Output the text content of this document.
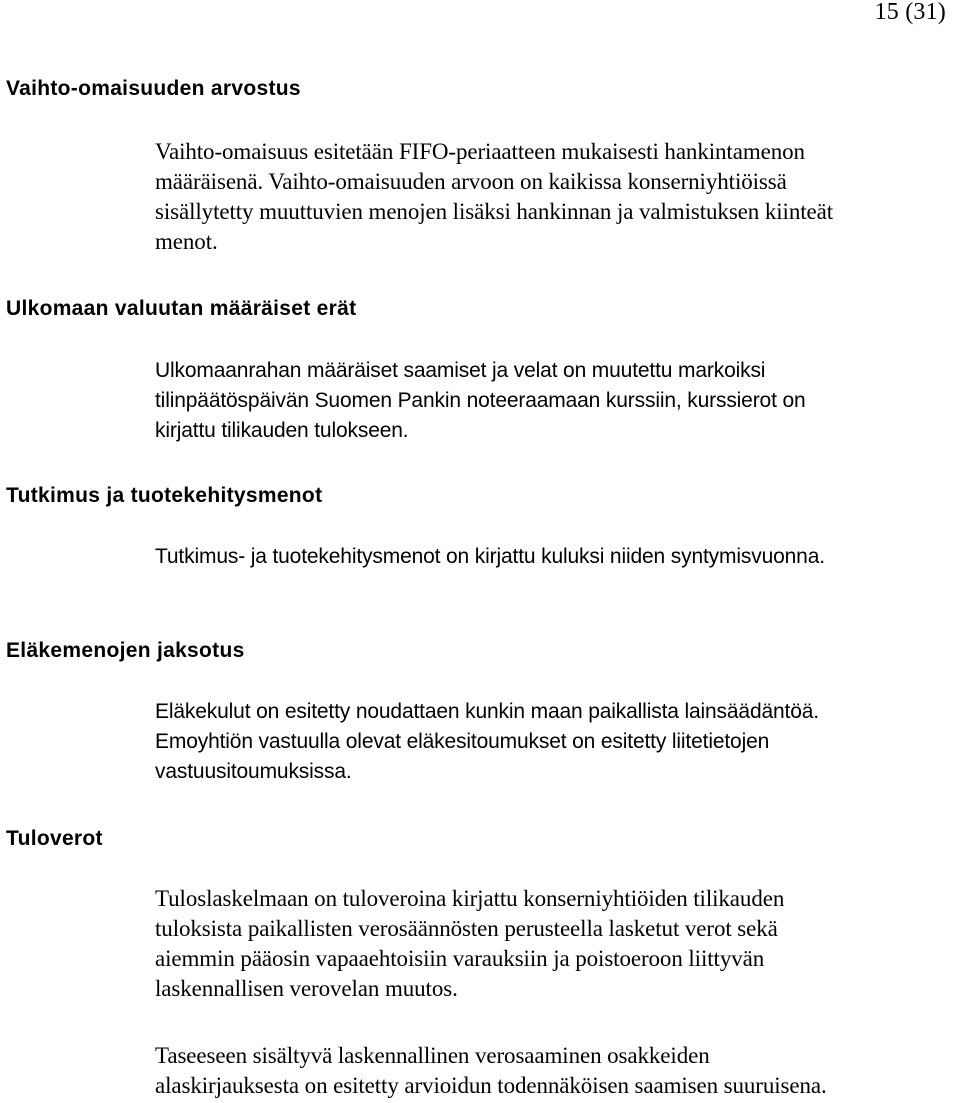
15 (31)
Vaihto-omaisuuden arvostus
Vaihto-omaisuus esitetään FIFO-periaatteen mukaisesti hankintamenon
määräisenä. Vaihto-omaisuuden arvoon on kaikissa konserniyhtiöissä
sisällytetty muuttuvien menojen lisäksi hankinnan ja valmistuksen kiinteät
menot.
Ulkomaan valuutan määräiset erät
Ulkomaanrahan määräiset saamiset ja velat on muutettu markoiksi
tilinpäätöspäivän Suomen Pankin noteeraamaan kurssiin, kurssierot on
kirjattu tilikauden tulokseen.
Tutkimus ja tuotekehitysmenot
Tutkimus- ja tuotekehitysmenot on kirjattu kuluksi niiden syntymisvuonna.
Eläkemenojen jaksotus
Eläkekulut on esitetty noudattaen kunkin maan paikallista lainsäädäntöä.
Emoyhtiön vastuulla olevat eläkesitoumukset on esitetty liitetietojen
vastuusitoumuksissa.
Tuloverot
Tuloslaskelmaan on tuloveroina kirjattu konserniyhtiöiden tilikauden
tuloksista paikallisten verosäännösten perusteella lasketut verot sekä
aiemmin pääosin vapaaehtoisiin varauksiin ja poistoeroon liittyvän
laskennallisen verovelan muutos.
Taseeseen sisältyvä laskennallinen verosaaminen osakkeiden
alaskirjauksesta on esitetty arvioidun todennäköisen saamisen suuruisena.
